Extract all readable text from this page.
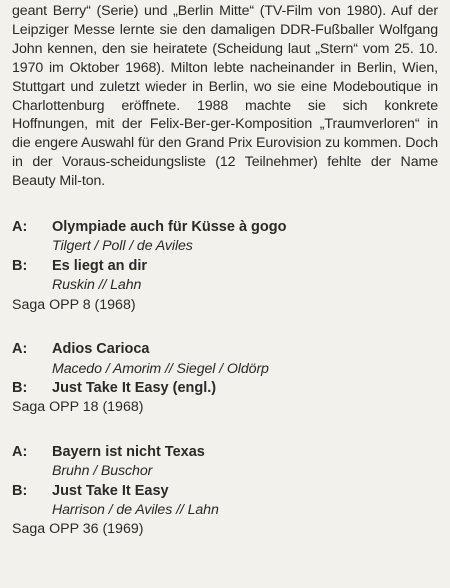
geant Berry“ (Serie) und „Berlin Mitte“ (TV-Film von 1980). Auf der Leipziger Messe lernte sie den damaligen DDR-Fußballer Wolfgang John kennen, den sie heiratete (Scheidung laut „Stern“ vom 25. 10. 1970 im Oktober 1968). Milton lebte nacheinander in Berlin, Wien, Stuttgart und zuletzt wieder in Berlin, wo sie eine Modeboutique in Charlottenburg eröffnete. 1988 machte sie sich konkrete Hoffnungen, mit der Felix-Ber-ger-Komposition „Traumverloren“ in die engere Auswahl für den Grand Prix Eurovision zu kommen. Doch in der Voraus-scheidungsliste (12 Teilnehmer) fehlte der Name Beauty Mil-ton.

A:	Olympiade auch für Küsse à gogo
Tilgert / Poll / de Aviles
B:	Es liegt an dir
Ruskin // Lahn
Saga OPP 8 (1968)
A:	Adios Carioca
Macedo / Amorim // Siegel / Oldörp
B:	Just Take It Easy (engl.)
Saga OPP 18 (1968)
A:	Bayern ist nicht Texas
Bruhn / Buschor
B:	Just Take It Easy
Harrison / de Aviles // Lahn
Saga OPP 36 (1969)
